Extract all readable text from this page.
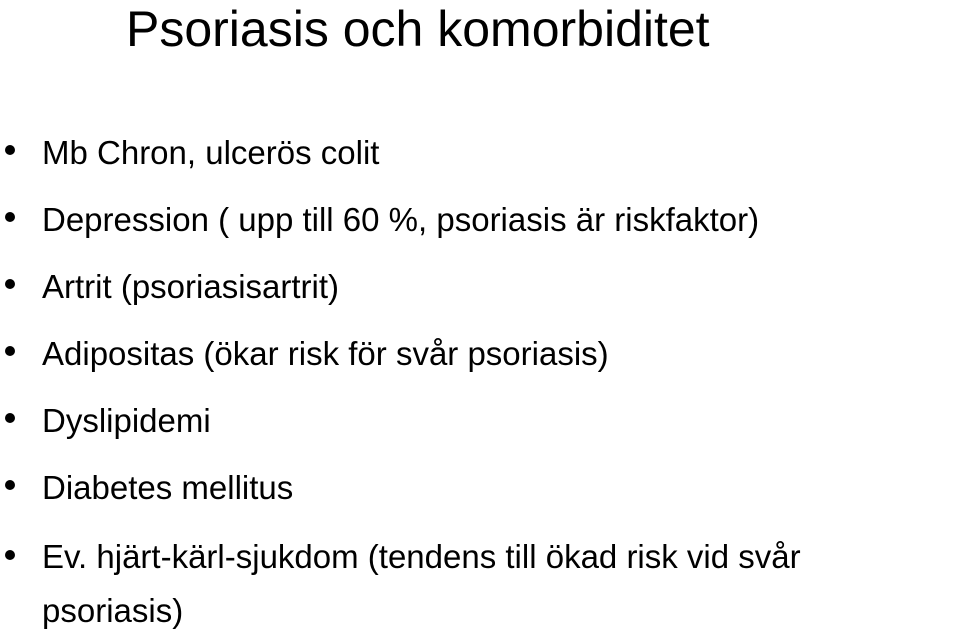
Psoriasis och komorbiditet
Mb Chron, ulcerös colit
Depression ( upp till 60 %, psoriasis är riskfaktor)
Artrit (psoriasisartrit)
Adipositas (ökar risk för svår psoriasis)
Dyslipidemi
Diabetes mellitus
Ev. hjärt-kärl-sjukdom (tendens till ökad risk vid svår psoriasis)
